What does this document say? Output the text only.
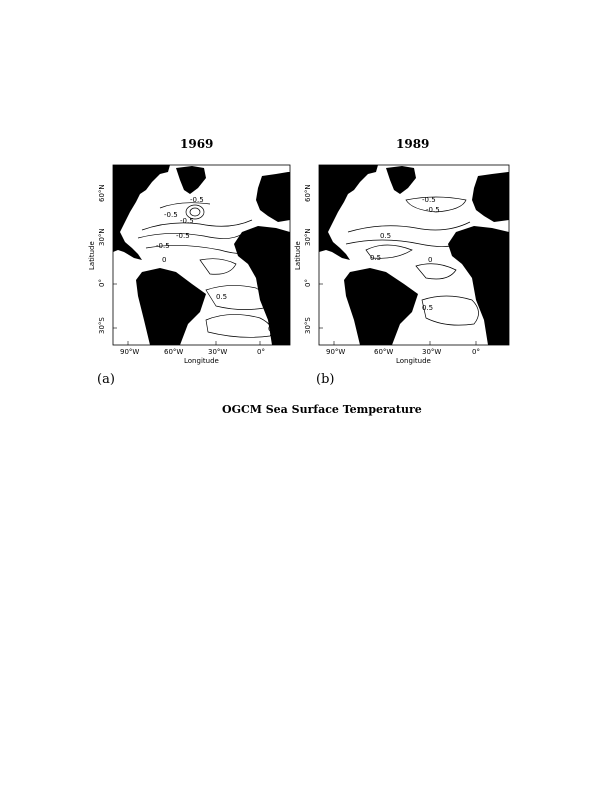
1969	1989
-0.5
-0.5
-0.5
-0.5
-0.5
0
0.5
0.5
90°W	60°W	30°W	0°
Longitude
60°N
30°N
0°
30°S
Latitude
-0.5
-0.5
0.5
0.5	0
0.5
0.5
90°W	60°W	30°W	0°
Longitude
60°N
30°N
0°
30°S
Latitude
(a)	(b)
OGCM Sea Surface Temperature
